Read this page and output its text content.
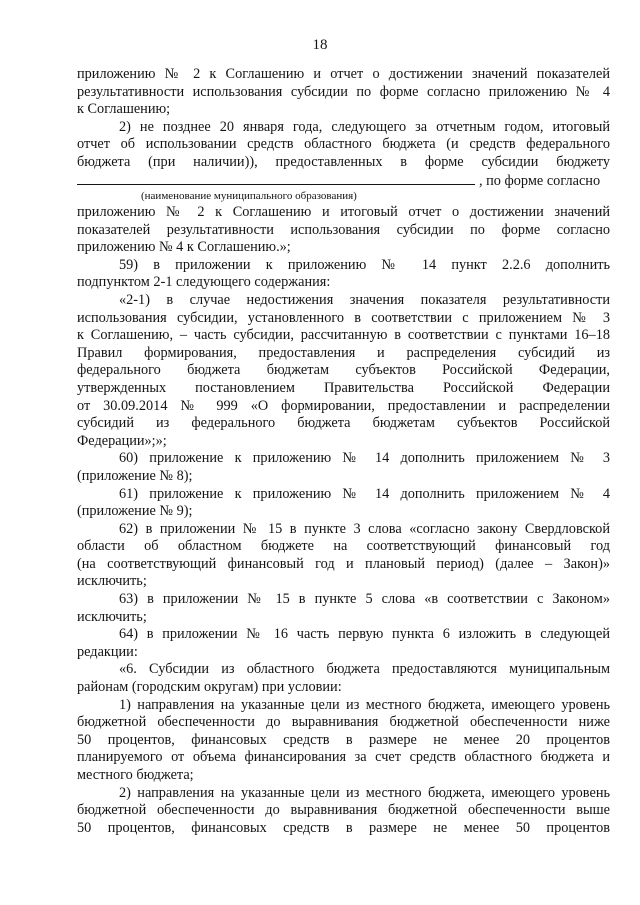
18
приложению № 2 к Соглашению и отчет о достижении значений показателей
результативности использования субсидии по форме согласно приложению № 4
к Соглашению;
2) не позднее 20 января года, следующего за отчетным годом, итоговый
отчет об использовании средств областного бюджета (и средств федерального
бюджета (при наличии)), предоставленных в форме субсидии бюджету
, по форме согласно
(наименование муниципального образования)
приложению № 2 к Соглашению и итоговый отчет о достижении значений
показателей результативности использования субсидии по форме согласно
приложению № 4 к Соглашению.»;
59) в приложении к приложению № 14 пункт 2.2.6 дополнить
подпунктом 2-1 следующего содержания:
«2-1) в случае недостижения значения показателя результативности
использования субсидии, установленного в соответствии с приложением № 3
к Соглашению, – часть субсидии, рассчитанную в соответствии с пунктами 16–18
Правил формирования, предоставления и распределения субсидий из
федерального бюджета бюджетам субъектов Российской Федерации,
утвержденных постановлением Правительства Российской Федерации
от 30.09.2014 № 999 «О формировании, предоставлении и распределении
субсидий из федерального бюджета бюджетам субъектов Российской
Федерации»;»;
60) приложение к приложению № 14 дополнить приложением № 3
(приложение № 8);
61) приложение к приложению № 14 дополнить приложением № 4
(приложение № 9);
62) в приложении № 15 в пункте 3 слова «согласно закону Свердловской
области об областном бюджете на соответствующий финансовый год
(на соответствующий финансовый год и плановый период) (далее – Закон)»
исключить;
63) в приложении № 15 в пункте 5 слова «в соответствии с Законом»
исключить;
64) в приложении № 16 часть первую пункта 6 изложить в следующей
редакции:
«6. Субсидии из областного бюджета предоставляются муниципальным
районам (городским округам) при условии:
1) направления на указанные цели из местного бюджета, имеющего уровень
бюджетной обеспеченности до выравнивания бюджетной обеспеченности ниже
50 процентов, финансовых средств в размере не менее 20 процентов
планируемого от объема финансирования за счет средств областного бюджета и
местного бюджета;
2) направления на указанные цели из местного бюджета, имеющего уровень
бюджетной обеспеченности до выравнивания бюджетной обеспеченности выше
50 процентов, финансовых средств в размере не менее 50 процентов
